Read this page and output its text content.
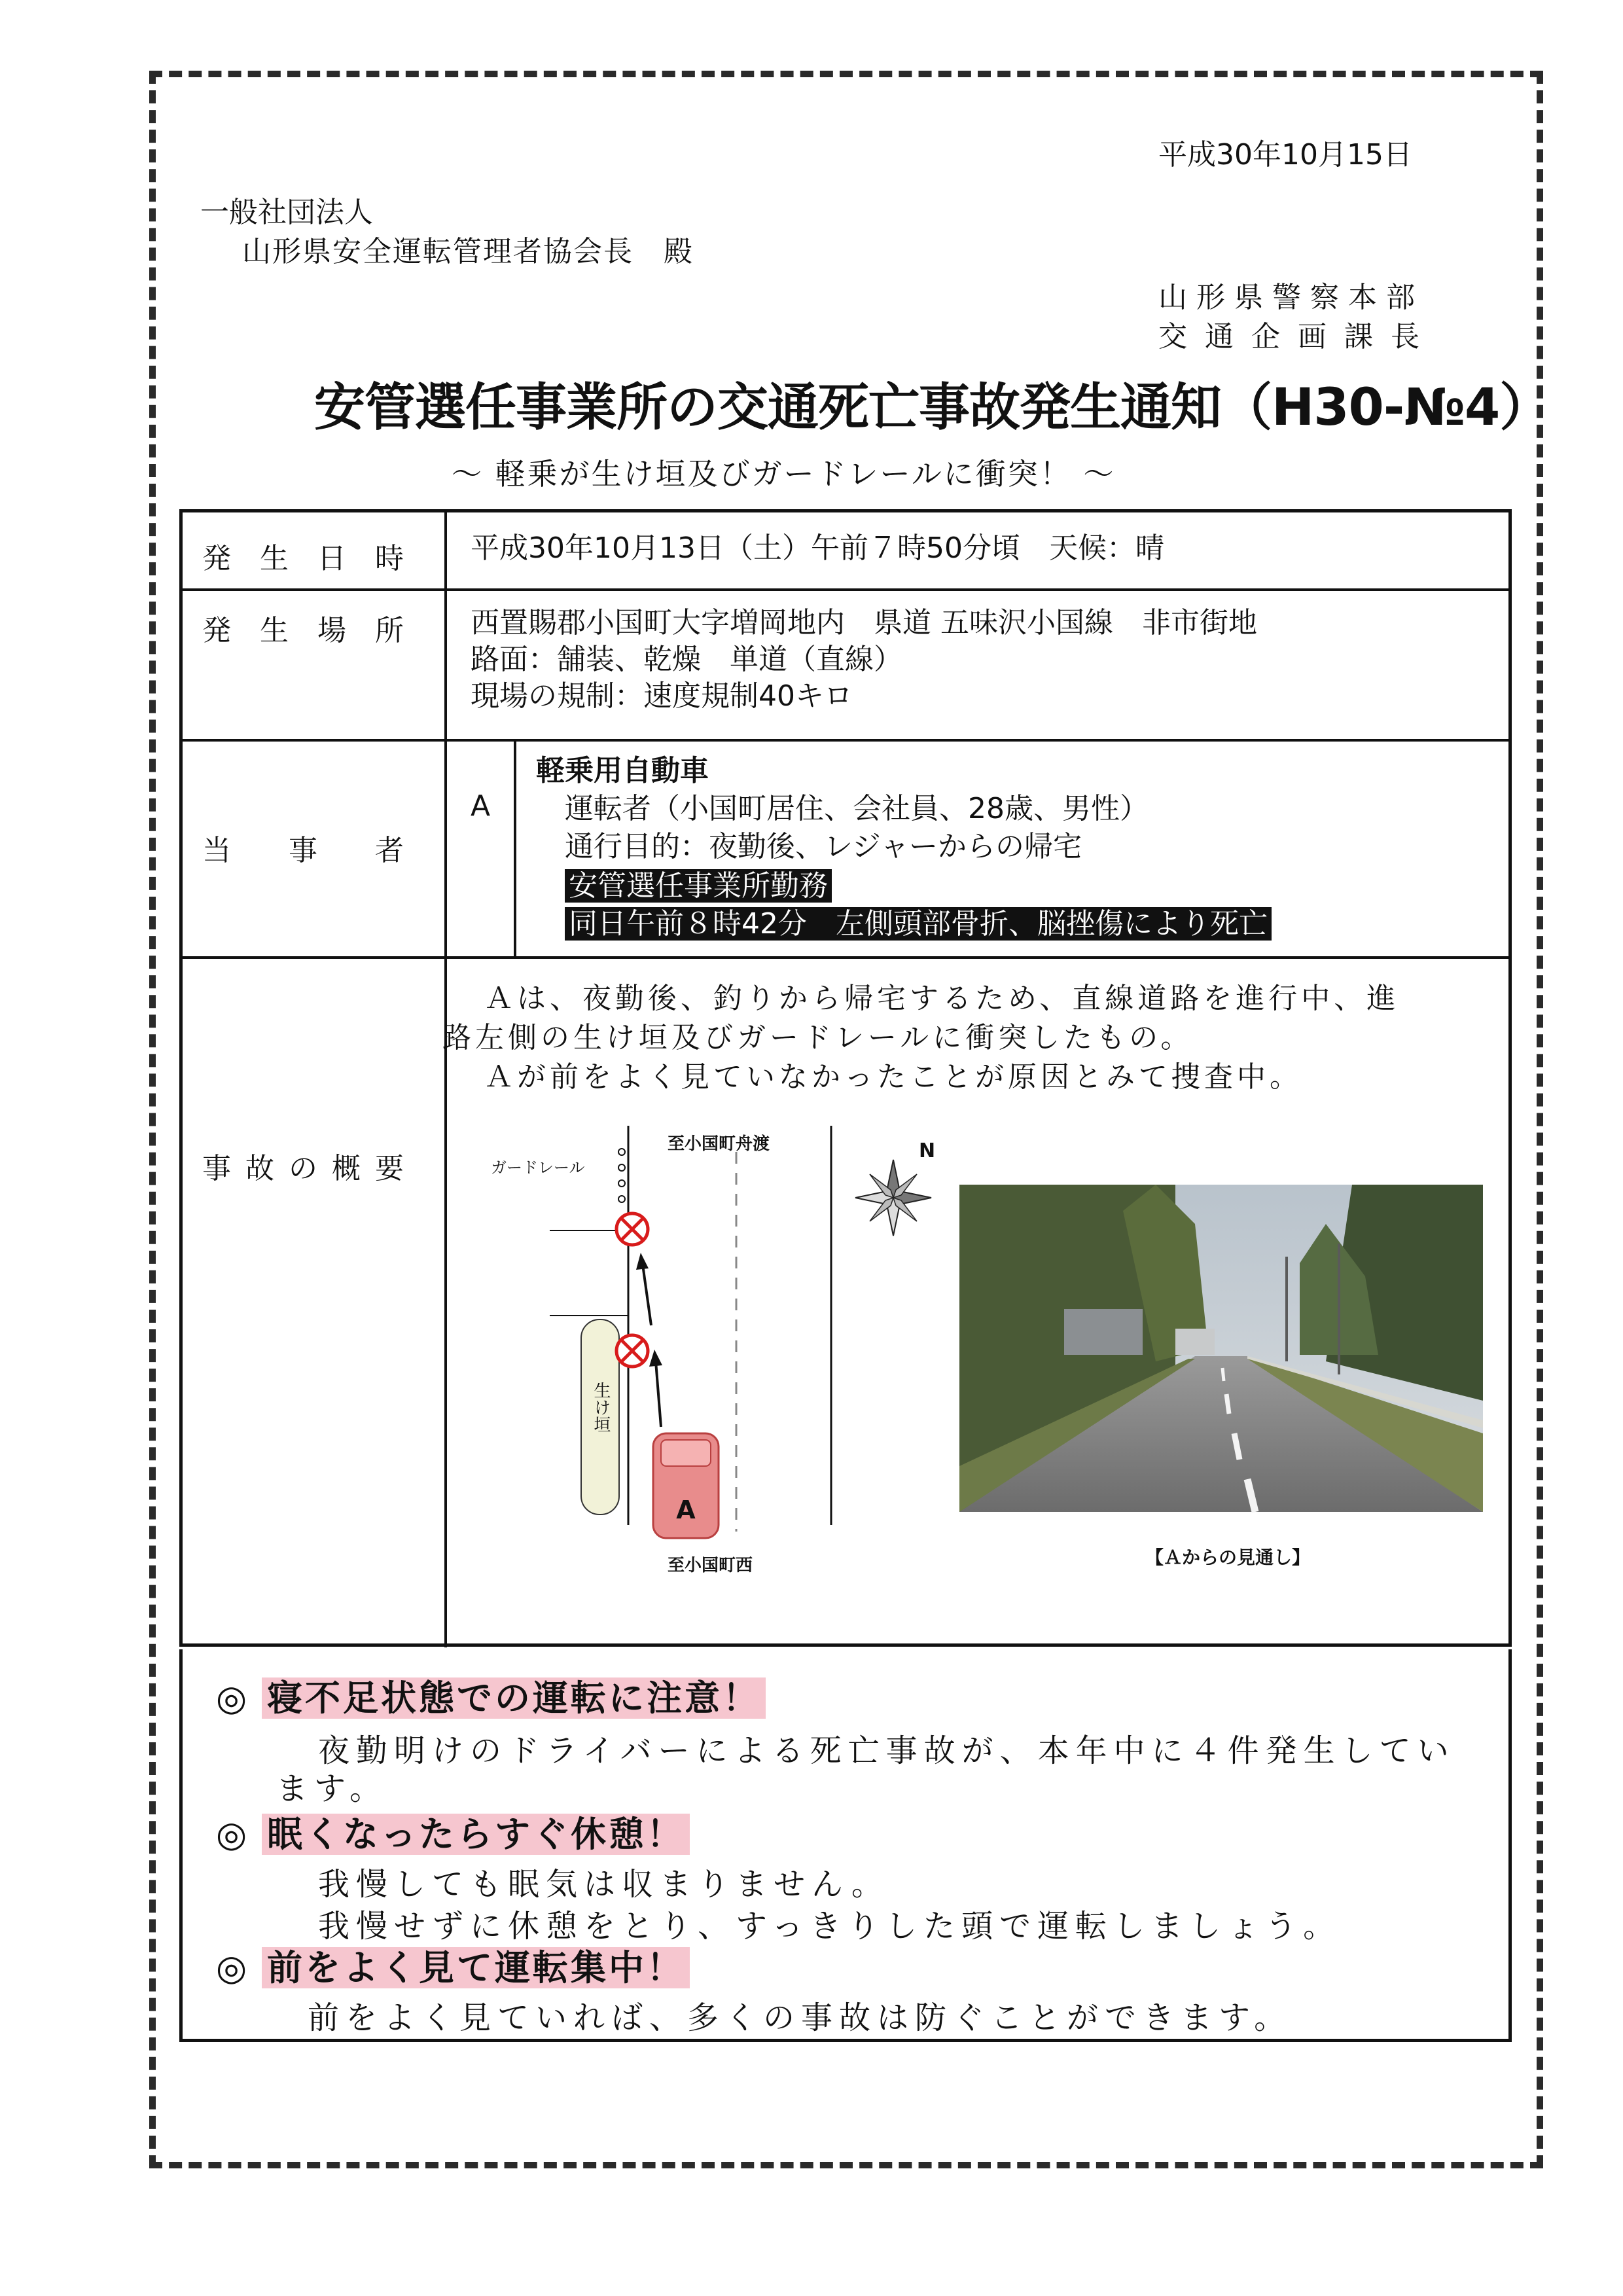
平成30年10月15日
一般社団法人
山形県安全運転管理者協会長　殿
山形県警察本部
交通企画課長
安管選任事業所の交通死亡事故発生通知（H30-№4）
～ 軽乗が生け垣及びガードレールに衝突！ ～
発　生　日　時 平成30年10月13日（土）午前７時50分頃　天候：晴
発　生　場　所 西置賜郡小国町大字増岡地内　県道 五味沢小国線　非市街地
路面：舗装、乾燥　単道（直線）
現場の規制：速度規制40キロ
当　　事　　者
A
軽乗用自動車
運転者（小国町居住、会社員、28歳、男性）
通行目的：夜勤後、レジャーからの帰宅
安管選任事業所勤務
同日午前８時42分　左側頭部骨折、脳挫傷により死亡
事 故 の 概 要
Ａは、夜勤後、釣りから帰宅するため、直線道路を進行中、進
路左側の生け垣及びガードレールに衝突したもの。
Ａが前をよく見ていなかったことが原因とみて捜査中。
生け垣
A
至小国町舟渡
ガードレール
至小国町西
N
【Ａからの見通し】
◎ 寝不足状態での運転に注意！
夜勤明けのドライバーによる死亡事故が、本年中に４件発生してい
ます。
◎ 眠くなったらすぐ休憩！
我慢しても眠気は収まりません。
我慢せずに休憩をとり、すっきりした頭で運転しましょう。
◎ 前をよく見て運転集中！
前をよく見ていれば、多くの事故は防ぐことができます。
